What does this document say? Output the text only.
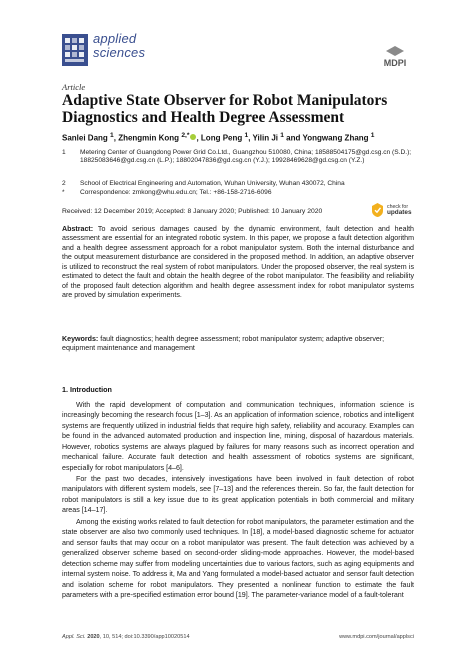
applied
sciences
MDPI
Article
Adaptive State Observer for Robot Manipulators Diagnostics and Health Degree Assessment
Sanlei Dang $^1$, Zhengmin Kong $^{2,*}$ , Long Peng $^1$, Yilin Ji $^1$ and Yongwang Zhang $^1$
1	Metering Center of Guangdong Power Grid Co.Ltd., Guangzhou 510080, China; 18588504175@gd.csg.cn (S.D.); 18825083646@gd.csg.cn (L.P.); 18802047836@gd.csg.cn (Y.J.); 19928469628@gd.csg.cn (Y.Z.)
2	School of Electrical Engineering and Automation, Wuhan University, Wuhan 430072, China
*	Correspondence: zmkong@whu.edu.cn; Tel.: +86-158-2716-6096
Received: 12 December 2019; Accepted: 8 January 2020; Published: 10 January 2020
check for
updates

Abstract: To avoid serious damages caused by the dynamic environment, fault detection and health assessment are essential for an integrated robotic system. In this paper, we propose a fault detection algorithm and a health degree assessment approach for a robot manipulator system. Both the internal disturbance and the output measurement disturbance are considered in the proposed method. In addition, an adaptive observer is utilized to reconstruct the real system of robot manipulators. Under the proposed observer, the real system is estimated to detect the fault and obtain the health degree of the robot manipulator. The feasibility and reliability of the proposed fault detection algorithm and health degree assessment index for robot manipulator systems are proved by simulation experiments.

Keywords: fault diagnostics; health degree assessment; robot manipulator system; adaptive observer; equipment maintenance and management

1. Introduction

With the rapid development of computation and communication techniques, information science is increasingly becoming the research focus [1–3]. As an application of information science, robotics and intelligent systems are frequently utilized in industrial fields that require high safety, reliability and accuracy. Examples can be found in the advanced automated production and inspection line, mining, disposal of hazardous materials. However, robotics systems are always plagued by failures for many reasons such as incorrect operation and mechanical failure. Accurate fault detection and health assessment of robotics systems are significant, especially for robot manipulators [4–6].

For the past two decades, intensively investigations have been involved in fault detection of robot manipulators with different system models, see [7–13] and the references therein. So far, the fault detection for robot manipulators is still a key issue due to its great application potentials in both commercial and military areas [14–17].

Among the existing works related to fault detection for robot manipulators, the parameter estimation and the state observer are also two commonly used techniques. In [18], a model-based diagnostic scheme for actuator and sensor faults that may occur on a robot manipulator was present. The fault detection was achieved by a generalized observer scheme based on second-order sliding-mode approaches. However, the model-based detection scheme may suffer from modeling uncertainties due to various factors, such as aging equipments and internal system noise. To address it, Ma and Yang formulated a model-based actuator and sensor fault detection and isolation scheme for robot manipulators. They presented a nonlinear function to estimate the fault parameters with a pre-specified estimation error bound [19]. The parameter-variance model of a fault-tolerant

Appl. Sci. 2020, 10, 514; doi:10.3390/app10020514	www.mdpi.com/journal/applsci
